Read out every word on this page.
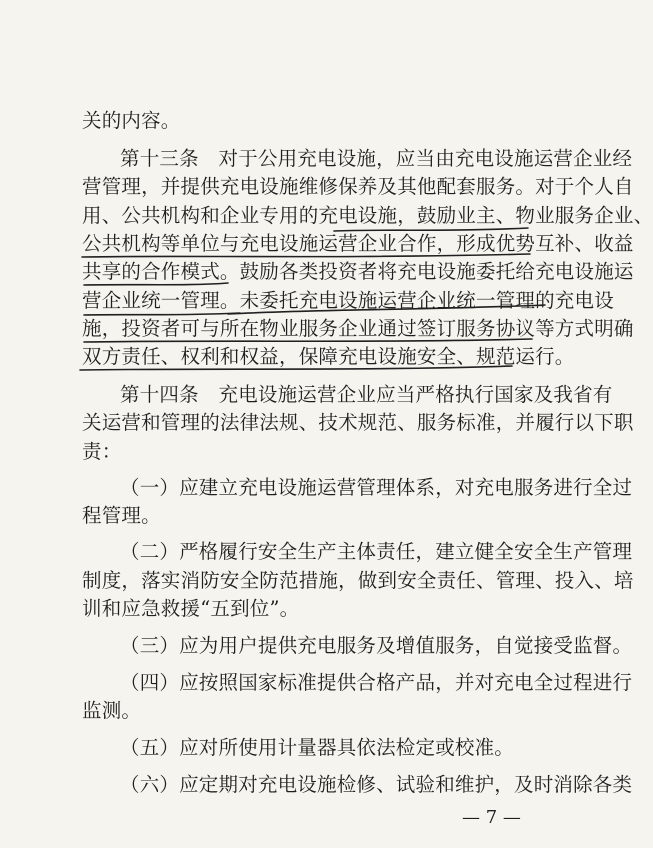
关的内容。
第十三条　对于公用充电设施，应当由充电设施运营企业经
营管理，并提供充电设施维修保养及其他配套服务。对于个人自
用、公共机构和企业专用的充电设施，鼓励业主、物业服务企业、
公共机构等单位与充电设施运营企业合作，形成优势互补、收益
共享的合作模式。鼓励各类投资者将充电设施委托给充电设施运
营企业统一管理。未委托充电设施运营企业统一管理的充电设
施，投资者可与所在物业服务企业通过签订服务协议等方式明确
双方责任、权利和权益，保障充电设施安全、规范运行。
第十四条　充电设施运营企业应当严格执行国家及我省有
关运营和管理的法律法规、技术规范、服务标准，并履行以下职
责：
（一）应建立充电设施运营管理体系，对充电服务进行全过
程管理。
（二）严格履行安全生产主体责任，建立健全安全生产管理
制度，落实消防安全防范措施，做到安全责任、管理、投入、培
训和应急救援“五到位”。
（三）应为用户提供充电服务及增值服务，自觉接受监督。
（四）应按照国家标准提供合格产品，并对充电全过程进行
监测。
（五）应对所使用计量器具依法检定或校准。
（六）应定期对充电设施检修、试验和维护，及时消除各类
— 7 —
